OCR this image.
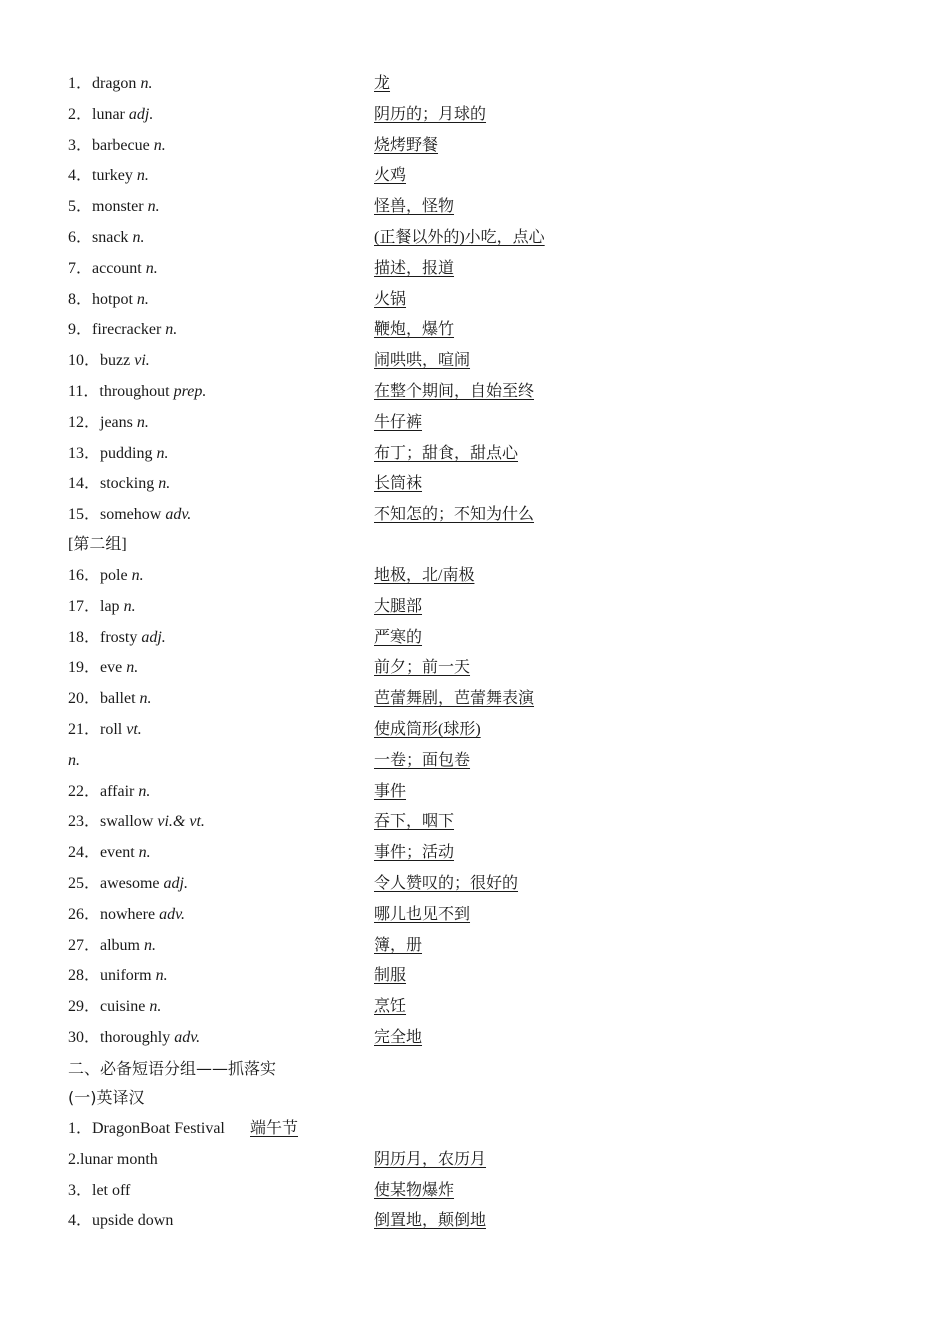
1．dragon n.	龙
2．lunar adj.	阴历的；月球的
3．barbecue n.	烧烤野餐
4．turkey n.	火鸡
5．monster n.	怪兽，怪物
6．snack n.	(正餐以外的)小吃，点心
7．account n.	描述，报道
8．hotpot n.	火锅
9．firecracker n.	鞭炮，爆竹
10．buzz vi.	闹哄哄，喧闹
11．throughout prep.	在整个期间，自始至终
12．jeans n.	牛仔裤
13．pudding n.	布丁；甜食，甜点心
14．stocking n.	长筒袜
15．somehow adv.	不知怎的；不知为什么
[第二组]
16．pole n.	地极，北/南极
17．lap n.	大腿部
18．frosty adj.	严寒的
19．eve n.	前夕；前一天
20．ballet n.	芭蕾舞剧，芭蕾舞表演
21．roll vt.	使成筒形(球形)
n.	一卷；面包卷
22．affair n.	事件
23．swallow vi.& vt.	吞下，咽下
24．event n.	事件；活动
25．awesome adj.	令人赞叹的；很好的
26．nowhere adv.	哪儿也见不到
27．album n.	簿，册
28．uniform n.	制服
29．cuisine n.	烹饪
30．thoroughly adv.	完全地
二、必备短语分组——抓落实
(一)英译汉
1．DragonBoat Festival 端午节
2.lunar month	阴历月，农历月
3．let off	使某物爆炸
4．upside down	倒置地，颠倒地
